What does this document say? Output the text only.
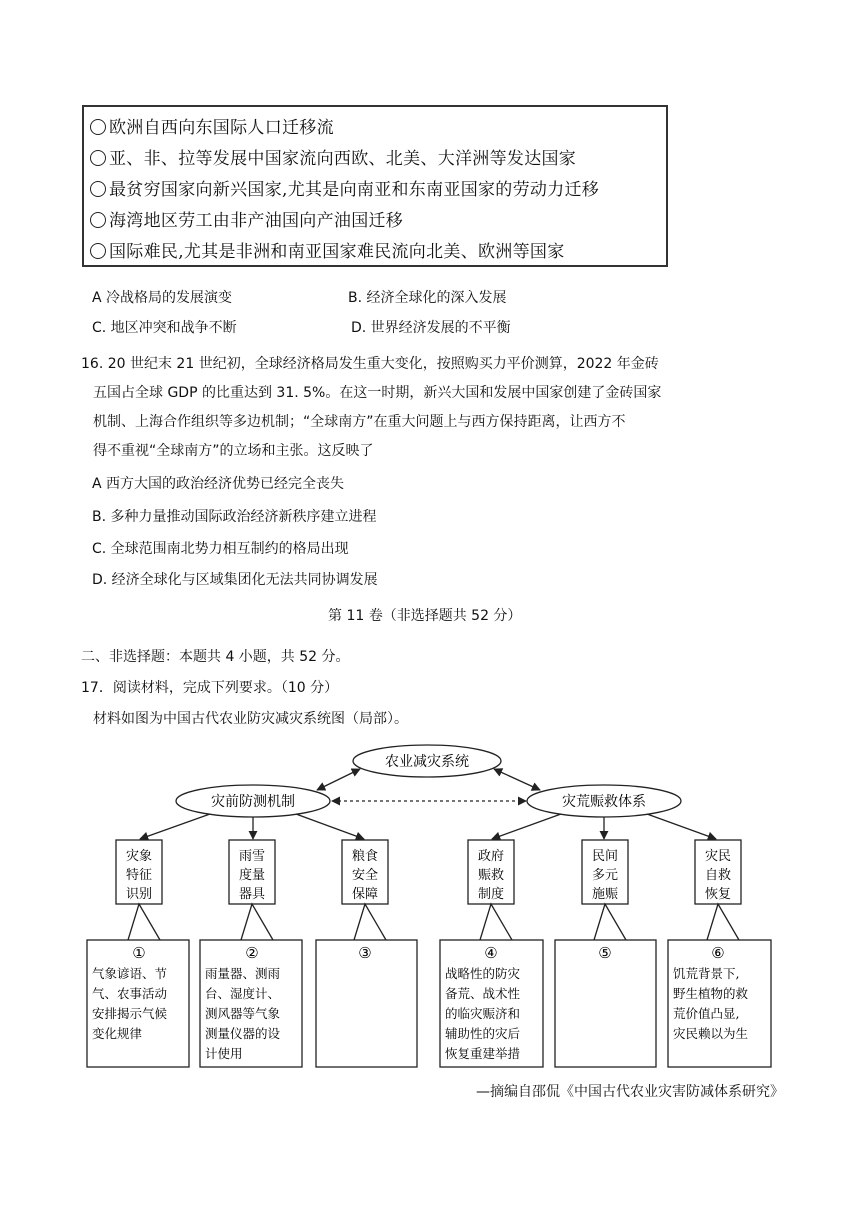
欧洲自西向东国际人口迁移流
亚、非、拉等发展中国家流向西欧、北美、大洋洲等发达国家
最贫穷国家向新兴国家,尤其是向南亚和东南亚国家的劳动力迁移
海湾地区劳工由非产油国向产油国迁移
国际难民,尤其是非洲和南亚国家难民流向北美、欧洲等国家
A 冷战格局的发展演变	B. 经济全球化的深入发展
C. 地区冲突和战争不断	D. 世界经济发展的不平衡
16. 20 世纪末 21 世纪初，全球经济格局发生重大变化，按照购买力平价测算，2022 年金砖
五国占全球 GDP 的比重达到 31. 5%。在这一时期，新兴大国和发展中国家创建了金砖国家
机制、上海合作组织等多边机制；“全球南方”在重大问题上与西方保持距离，让西方不
得不重视“全球南方”的立场和主张。这反映了
A 西方大国的政治经济优势已经完全丧失
B. 多种力量推动国际政治经济新秩序建立进程
C. 全球范围南北势力相互制约的格局出现
D. 经济全球化与区域集团化无法共同协调发展
第 11 卷（非选择题共 52 分）
二、非选择题：本题共 4 小题，共 52 分。
17．阅读材料，完成下列要求。（10 分）
材料如图为中国古代农业防灾减灾系统图（局部）。
农业减灾系统
灾前防测机制	灾荒赈救体系
灾象
特征
识别
雨雪
度量
器具
粮食
安全
保障
政府
赈救
制度
民间
多元
施赈
灾民
自救
恢复
①
气象谚语、节
气、农事活动
安排揭示气候
变化规律
②
雨量器、测雨
台、湿度计、
测风器等气象
测量仪器的设
计使用
③	④
战略性的防灾
备荒、战术性
的临灾赈济和
辅助性的灾后
恢复重建举措
⑤	⑥
饥荒背景下,
野生植物的救
荒价值凸显,
灾民赖以为生
—摘编自邵侃《中国古代农业灾害防减体系研究》
